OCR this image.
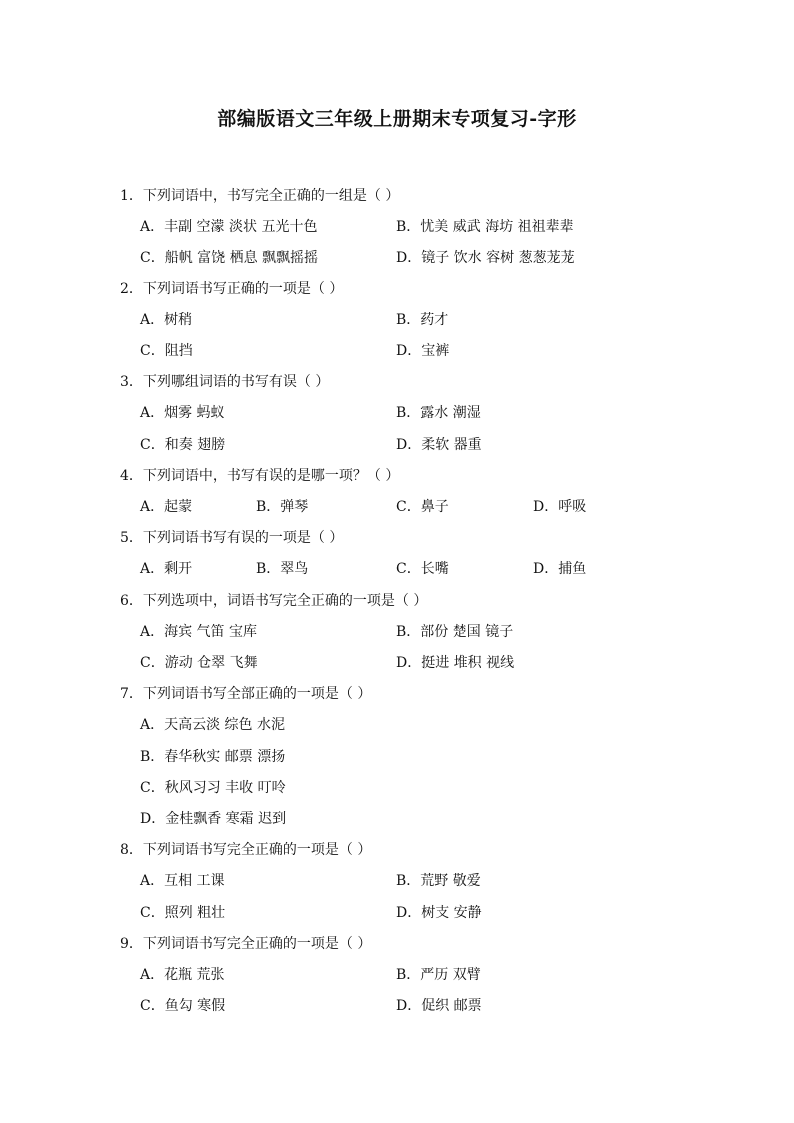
部编版语文三年级上册期末专项复习-字形
1．下列词语中，书写完全正确的一组是（ ）
A．丰副 空濛 淡状 五光十色	B．忧美 威武 海坊 祖祖辈辈
C．船帆 富饶 栖息 飘飘摇摇	D．镜子 饮水 容树 葱葱茏茏
2．下列词语书写正确的一项是（ ）
A．树稍	B．药才
C．阻挡	D．宝裤
3．下列哪组词语的书写有误（ ）
A．烟雾 蚂蚁	B．露水 潮湿
C．和奏 翅膀	D．柔软 器重
4．下列词语中，书写有误的是哪一项？（ ）
A．起蒙	B．弹琴	C．鼻子	D．呼吸
5．下列词语书写有误的一项是（ ）
A．剩开	B．翠鸟	C．长嘴	D．捕鱼
6．下列选项中，词语书写完全正确的一项是（ ）
A．海宾 气笛 宝库	B．部份 楚国 镜子
C．游动 仓翠 飞舞	D．挺进 堆积 视线
7．下列词语书写全部正确的一项是（ ）
A．天高云淡 综色 水泥
B．春华秋实 邮票 漂扬
C．秋风习习 丰收 叮呤
D．金桂飘香 寒霜 迟到
8．下列词语书写完全正确的一项是（ ）
A．互相 工课	B．荒野 敬爱
C．照列 粗壮	D．树支 安静
9．下列词语书写完全正确的一项是（ ）
A．花瓶 荒张	B．严历 双臂
C．鱼勾 寒假	D．促织 邮票
